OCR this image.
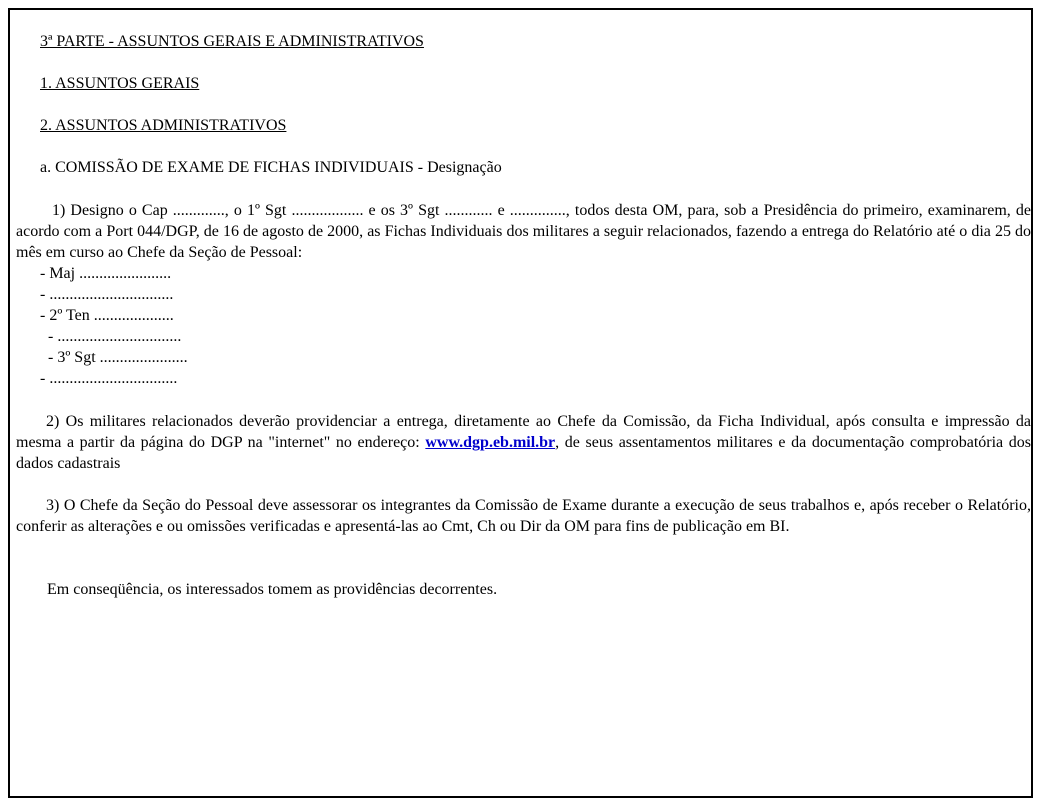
3ª PARTE - ASSUNTOS GERAIS E ADMINISTRATIVOS
1. ASSUNTOS GERAIS
2. ASSUNTOS ADMINISTRATIVOS
a. COMISSÃO DE EXAME DE FICHAS INDIVIDUAIS - Designação
1) Designo o Cap ............., o 1º Sgt .................. e os 3º Sgt ............ e .............., todos desta OM, para, sob a Presidência do primeiro, examinarem, de acordo com a Port 044/DGP, de 16 de agosto de 2000, as Fichas Individuais dos militares a seguir relacionados, fazendo a entrega do Relatório até o dia 25 do mês em curso ao Chefe da Seção de Pessoal:
- Maj .......................
- ...............................
- 2º Ten ....................
- ...............................
- 3º Sgt ......................
- ................................
2) Os militares relacionados deverão providenciar a entrega, diretamente ao Chefe da Comissão, da Ficha Individual, após consulta e impressão da mesma a partir da página do DGP na "internet" no endereço: www.dgp.eb.mil.br, de seus assentamentos militares e da documentação comprobatória dos dados cadastrais
3) O Chefe da Seção do Pessoal deve assessorar os integrantes da Comissão de Exame durante a execução de seus trabalhos e, após receber o Relatório, conferir as alterações e ou omissões verificadas e apresentá-las ao Cmt, Ch ou Dir da OM para fins de publicação em BI.
Em conseqüência, os interessados tomem as providências decorrentes.
